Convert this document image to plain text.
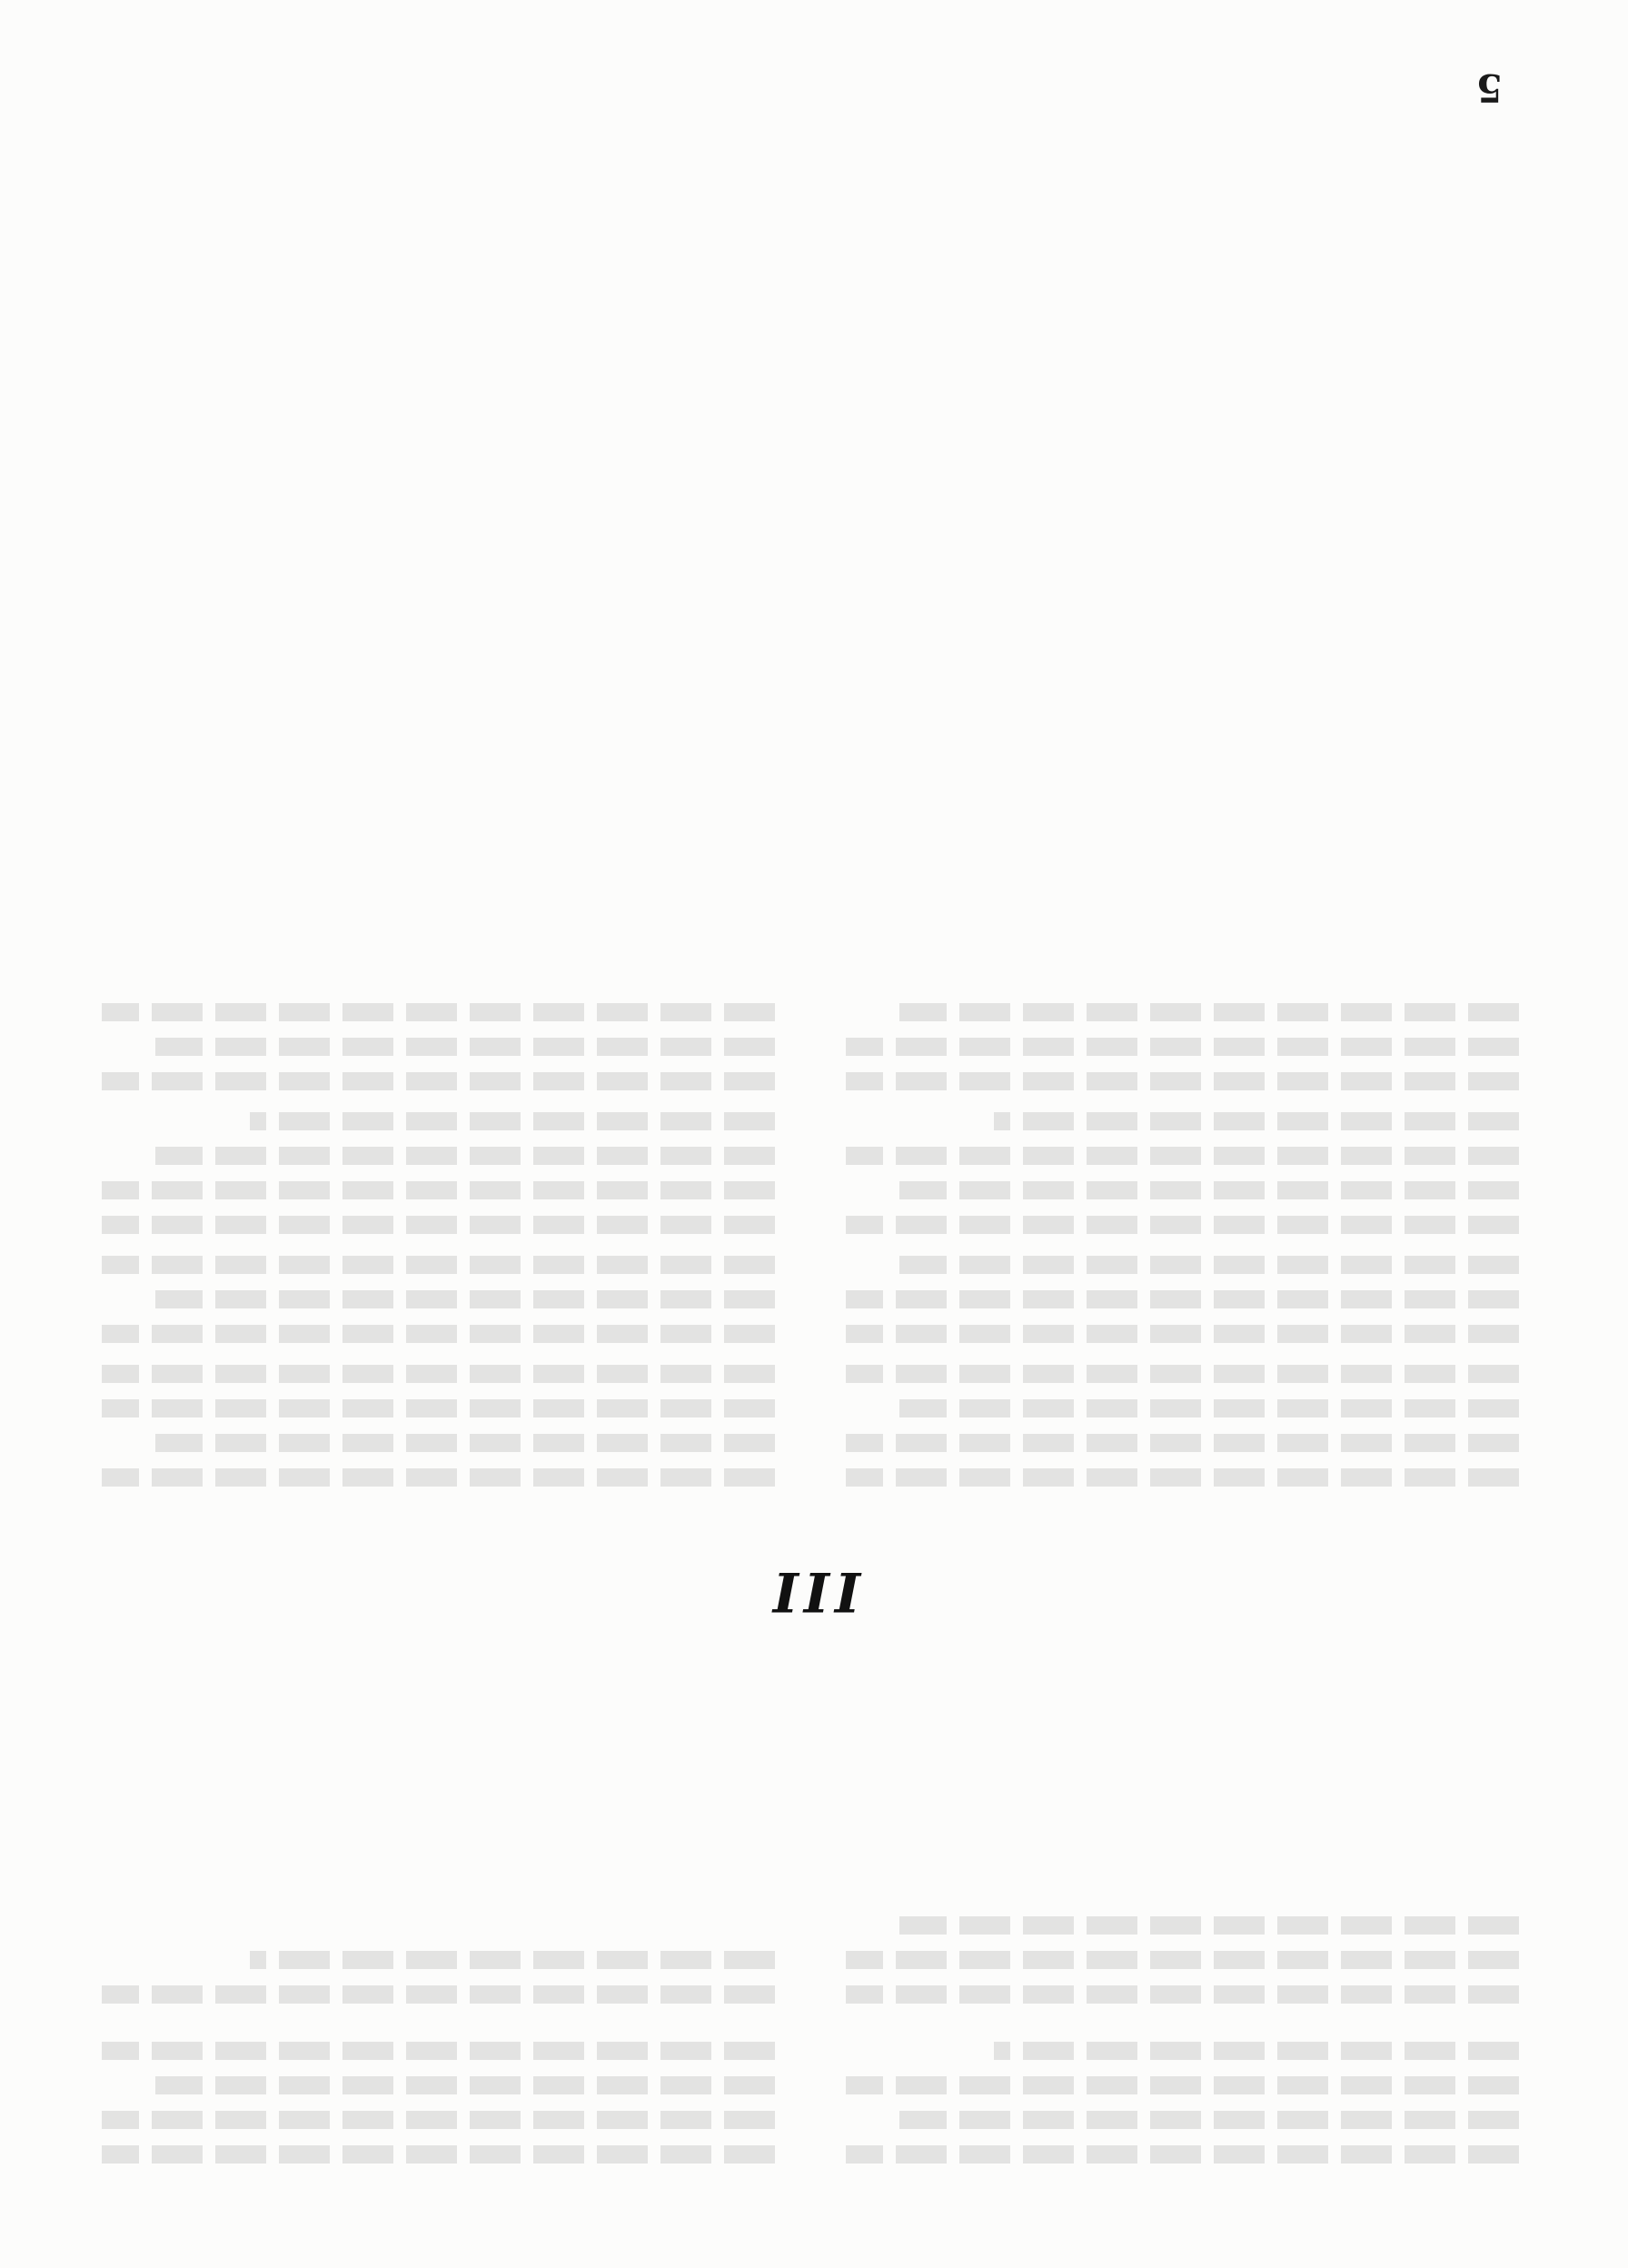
III
5
